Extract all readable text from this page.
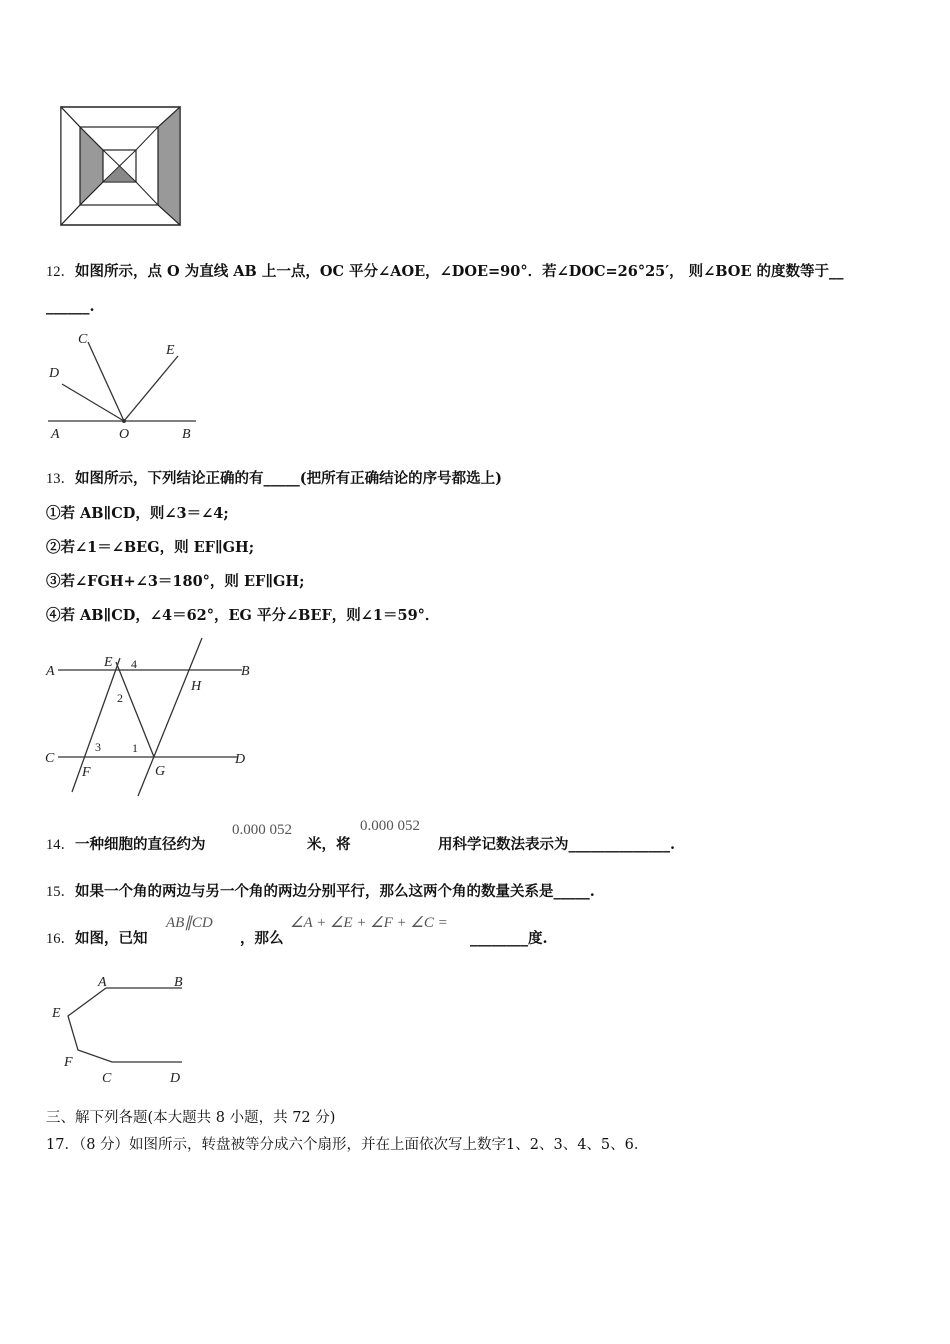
12．如图所示，点 O 为直线 AB 上一点，OC 平分∠AOE，∠DOE=90°．若∠DOC=26°25′， 则∠BOE 的度数等于__
______.
C
E
D
A	O	B
13．如图所示，下列结论正确的有_____(把所有正确结论的序号都选上)
①若 AB∥CD，则∠3＝∠4;
②若∠1＝∠BEG，则 EF∥GH;
③若∠FGH+∠3＝180°，则 EF∥GH;
④若 AB∥CD，∠4＝62°，EG 平分∠BEF，则∠1＝59°．
A
E 4	B
H
2
3	1
C	D
F	G
14．一种细胞的直径约为
0.000 052
米，将
0.000 052
用科学记数法表示为______________.
15．如果一个角的两边与另一个角的两边分别平行，那么这两个角的数量关系是_____.
16．如图，已知
AB∥CD
，那么
∠A + ∠E + ∠F + ∠C =
________度.
A	B
E
F
C	D
三、解下列各题(本大题共 8 小题，共 72 分)
17．（8 分）如图所示，转盘被等分成六个扇形，并在上面依次写上数字1、2、3、4、5、6．
